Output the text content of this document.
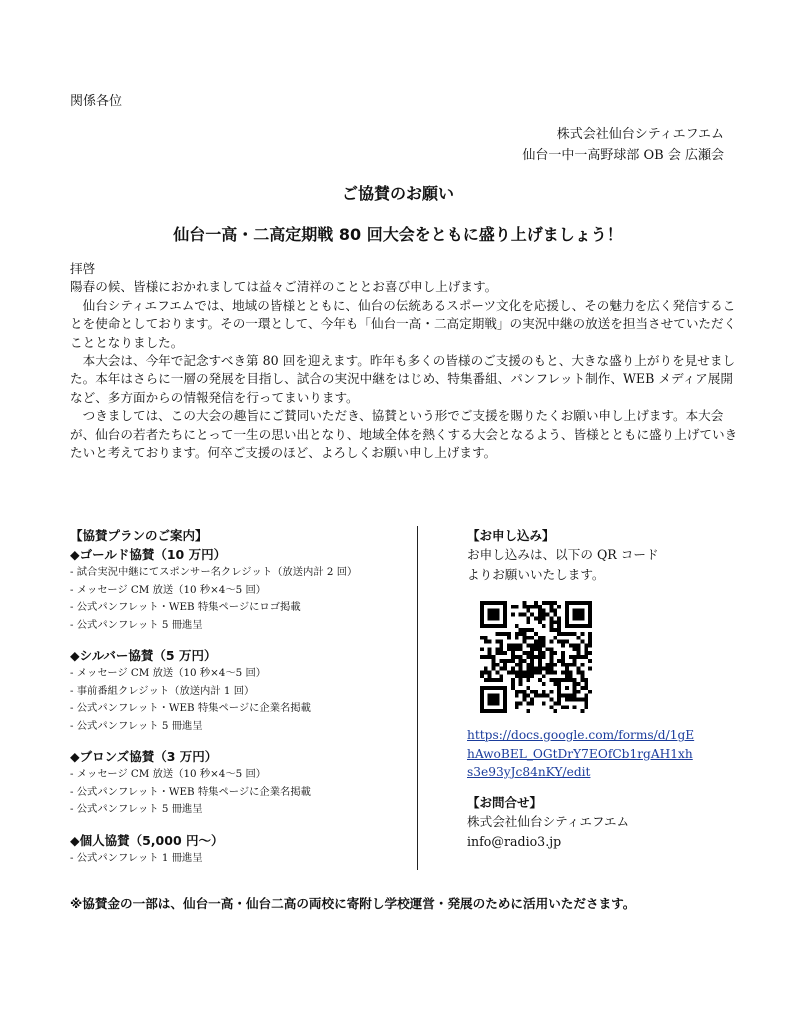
関係各位
株式会社仙台シティエフエム
仙台一中一高野球部 OB 会 広瀬会
ご協賛のお願い
仙台一高・二高定期戦 80 回大会をともに盛り上げましょう！

拝啓

陽春の候、皆様におかれましては益々ご清祥のこととお喜び申し上げます。

仙台シティエフエムでは、地域の皆様とともに、仙台の伝統あるスポーツ文化を応援し、その魅力を広く発信することを使命としております。その一環として、今年も「仙台一高・二高定期戦」の実況中継の放送を担当させていただくこととなりました。

本大会は、今年で記念すべき第 80 回を迎えます。昨年も多くの皆様のご支援のもと、大きな盛り上がりを見せました。本年はさらに一層の発展を目指し、試合の実況中継をはじめ、特集番組、パンフレット制作、WEB メディア展開など、多方面からの情報発信を行ってまいります。

つきましては、この大会の趣旨にご賛同いただき、協賛という形でご支援を賜りたくお願い申し上げます。本大会が、仙台の若者たちにとって一生の思い出となり、地域全体を熱くする大会となるよう、皆様とともに盛り上げていきたいと考えております。何卒ご支援のほど、よろしくお願い申し上げます。

【協賛プランのご案内】
◆ゴールド協賛（10 万円）
- 試合実況中継にてスポンサー名クレジット（放送内計 2 回）
- メッセージ CM 放送（10 秒×4～5 回）
- 公式パンフレット・WEB 特集ページにロゴ掲載
- 公式パンフレット 5 冊進呈
◆シルバー協賛（5 万円）
- メッセージ CM 放送（10 秒×4～5 回）
- 事前番組クレジット（放送内計 1 回）
- 公式パンフレット・WEB 特集ページに企業名掲載
- 公式パンフレット 5 冊進呈
◆ブロンズ協賛（3 万円）
- メッセージ CM 放送（10 秒×4～5 回）
- 公式パンフレット・WEB 特集ページに企業名掲載
- 公式パンフレット 5 冊進呈
◆個人協賛（5,000 円～）
- 公式パンフレット 1 冊進呈
【お申し込み】
お申し込みは、以下の QR コード
よりお願いいたします。
https://docs.google.com/forms/d/1gEhAwoBEL_OGtDrY7EOfCb1rgAH1xhs3e93yJc84nKY/edit
【お問合せ】
株式会社仙台シティエフエム
info@radio3.jp
※協賛金の一部は、仙台一高・仙台二高の両校に寄附し学校運営・発展のために活用いたださます。
